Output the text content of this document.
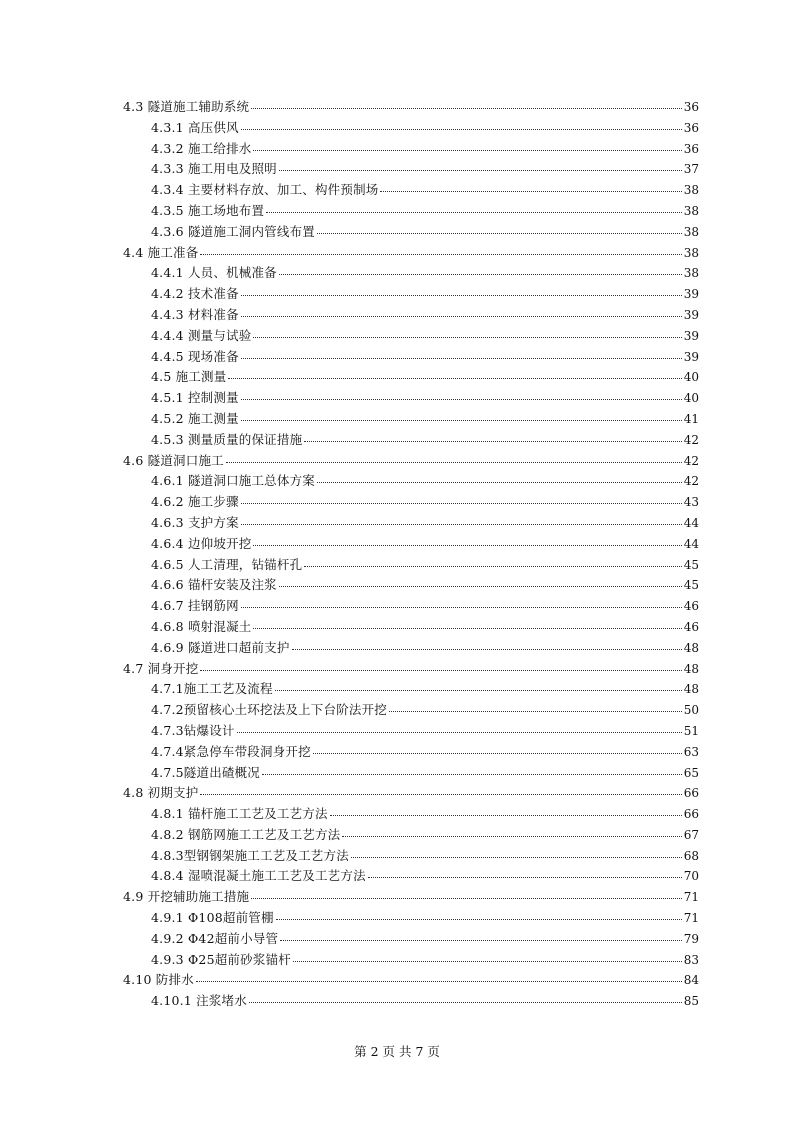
4.3 隧道施工辅助系统	36
4.3.1 高压供风	36
4.3.2 施工给排水	36
4.3.3 施工用电及照明	37
4.3.4 主要材料存放、加工、构件预制场	38
4.3.5 施工场地布置	38
4.3.6 隧道施工洞内管线布置	38
4.4 施工准备	38
4.4.1 人员、机械准备	38
4.4.2 技术准备	39
4.4.3 材料准备	39
4.4.4 测量与试验	39
4.4.5 现场准备	39
4.5 施工测量	40
4.5.1 控制测量	40
4.5.2 施工测量	41
4.5.3 测量质量的保证措施	42
4.6 隧道洞口施工	42
4.6.1 隧道洞口施工总体方案	42
4.6.2 施工步骤	43
4.6.3 支护方案	44
4.6.4 边仰坡开挖	44
4.6.5 人工清理，钻锚杆孔	45
4.6.6 锚杆安装及注浆	45
4.6.7 挂钢筋网	46
4.6.8 喷射混凝土	46
4.6.9 隧道进口超前支护	48
4.7 洞身开挖	48
4.7.1施工工艺及流程	48
4.7.2预留核心土环挖法及上下台阶法开挖	50
4.7.3钻爆设计	51
4.7.4紧急停车带段洞身开挖	63
4.7.5隧道出碴概况	65
4.8 初期支护	66
4.8.1 锚杆施工工艺及工艺方法	66
4.8.2 钢筋网施工工艺及工艺方法	67
4.8.3型钢钢架施工工艺及工艺方法	68
4.8.4 湿喷混凝土施工工艺及工艺方法	70
4.9 开挖辅助施工措施	71
4.9.1 Φ108超前管棚	71
4.9.2 Φ42超前小导管	79
4.9.3 Φ25超前砂浆锚杆	83
4.10 防排水	84
4.10.1 注浆堵水	85
第 2 页 共 7 页
